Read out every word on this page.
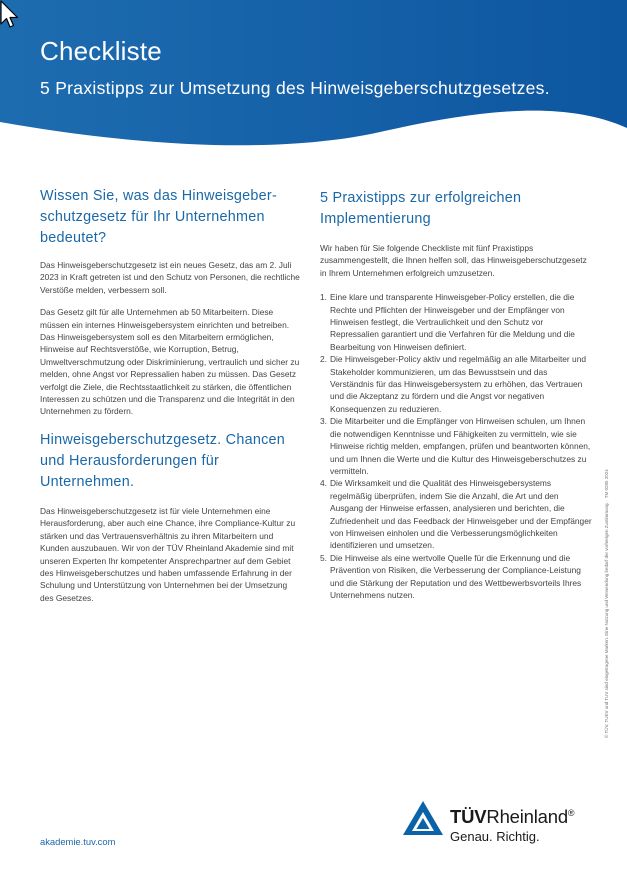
Checkliste

5 Praxistipps zur Umsetzung des Hinweisgeberschutzgesetzes.

Wissen Sie, was das Hinweisgeber-schutzgesetz für Ihr Unternehmen bedeutet?

Das Hinweisgeberschutzgesetz ist ein neues Gesetz, das am 2. Juli 2023 in Kraft getreten ist und den Schutz von Personen, die rechtliche Verstöße melden, verbessern soll.

Das Gesetz gilt für alle Unternehmen ab 50 Mitarbeitern. Diese müssen ein internes Hinweisgebersystem einrichten und betreiben. Das Hinweisgebersystem soll es den Mitarbeitern ermöglichen, Hinweise auf Rechtsverstöße, wie Korruption, Betrug, Umweltverschmutzung oder Diskriminierung, vertraulich und sicher zu melden, ohne Angst vor Repressalien haben zu müssen. Das Gesetz verfolgt die Ziele, die Rechtsstaatlichkeit zu stärken, die öffentlichen Interessen zu schützen und die Transparenz und die Integrität in den Unternehmen zu fördern.

Hinweisgeberschutzgesetz. Chancen und Herausforderungen für Unternehmen.

Das Hinweisgeberschutzgesetz ist für viele Unternehmen eine Herausforderung, aber auch eine Chance, ihre Compliance-Kultur zu stärken und das Vertrauensverhältnis zu ihren Mitarbeitern und Kunden auszubauen. Wir von der TÜV Rheinland Akademie sind mit unseren Experten Ihr kompetenter Ansprechpartner auf dem Gebiet des Hinweisgeberschutzes und haben umfassende Erfahrung in der Schulung und Unterstützung von Unternehmen bei der Umsetzung des Gesetzes.

5 Praxistipps zur erfolgreichen Implementierung

Wir haben für Sie folgende Checkliste mit fünf Praxistipps zusammengestellt, die Ihnen helfen soll, das Hinweisgeberschutzgesetz in Ihrem Unternehmen erfolgreich umzusetzen.

1. Eine klare und transparente Hinweisgeber-Policy erstellen, die die Rechte und Pflichten der Hinweisgeber und der Empfänger von Hinweisen festlegt, die Vertraulichkeit und den Schutz vor Repressalien garantiert und die Verfahren für die Meldung und die Bearbeitung von Hinweisen definiert.
2. Die Hinweisgeber-Policy aktiv und regelmäßig an alle Mitarbeiter und Stakeholder kommunizieren, um das Bewusstsein und das Verständnis für das Hinweisgebersystem zu erhöhen, das Vertrauen und die Akzeptanz zu fördern und die Angst vor negativen Konsequenzen zu reduzieren.
3. Die Mitarbeiter und die Empfänger von Hinweisen schulen, um Ihnen die notwendigen Kenntnisse und Fähigkeiten zu vermitteln, wie sie Hinweise richtig melden, empfangen, prüfen und beantworten können, und um Ihnen die Werte und die Kultur des Hinweisgeberschutzes zu vermitteln.
4. Die Wirksamkeit und die Qualität des Hinweisgebersystems regelmäßig überprüfen, indem Sie die Anzahl, die Art und den Ausgang der Hinweise erfassen, analysieren und berichten, die Zufriedenheit und das Feedback der Hinweisgeber und der Empfänger von Hinweisen einholen und die Verbesserungsmöglichkeiten identifizieren und umsetzen.
5. Die Hinweise als eine wertvolle Quelle für die Erkennung und die Prävention von Risiken, die Verbesserung der Compliance-Leistung und die Stärkung der Reputation und des Wettbewerbsvorteils Ihres Unternehmens nutzen.	© TÜV, TUEV und TUV sind eingetragene Marken. Eine Nutzung und Verwendung bedarf der vorherigen Zustimmung. · TM 0285 2024
akademie.tuv.com
TÜVRheinland®
Genau. Richtig.
